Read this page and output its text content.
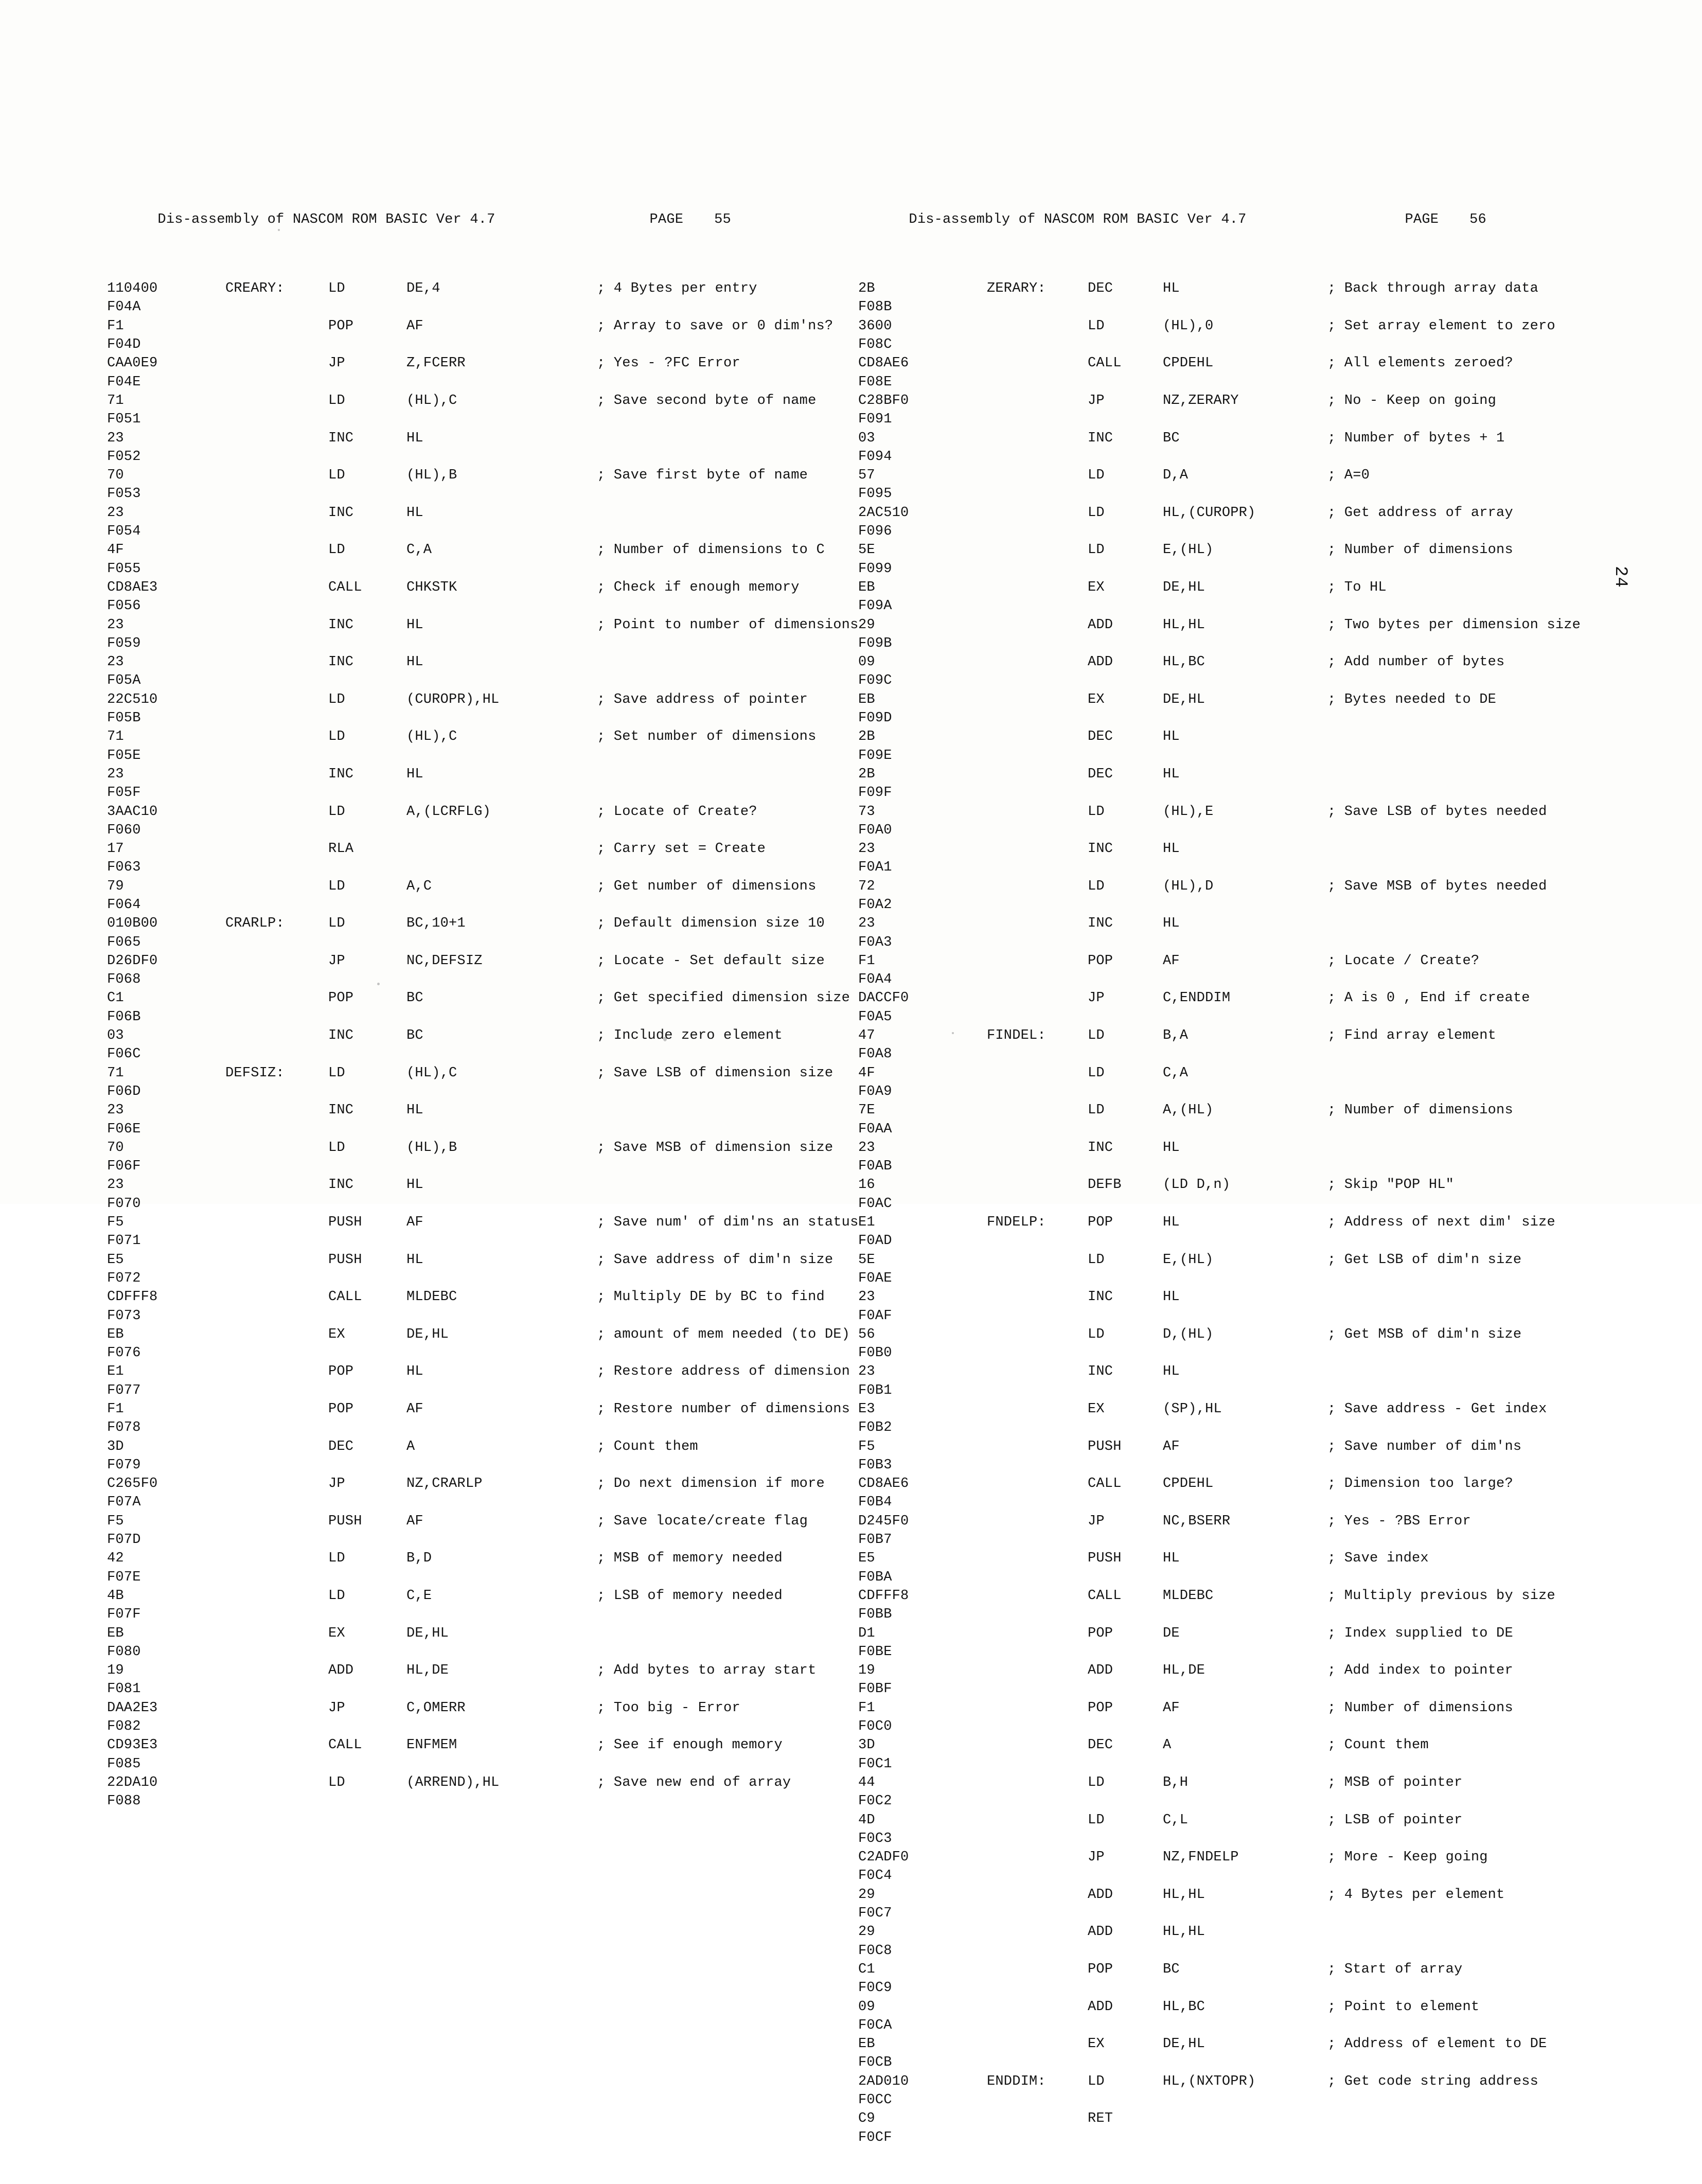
Dis-assembly of NASCOM ROM BASIC Ver 4.7	PAGE 55

110400	CREARY:	LD	DE,4	; 4 Bytes per entry
F04A
F1	POP	AF	; Array to save or 0 dim'ns?
F04D
CAA0E9	JP	Z,FCERR	; Yes - ?FC Error
F04E
71	LD	(HL),C	; Save second byte of name
F051
23	INC	HL
F052
70	LD	(HL),B	; Save first byte of name
F053
23	INC	HL
F054
4F	LD	C,A	; Number of dimensions to C
F055
CD8AE3	CALL	CHKSTK	; Check if enough memory
F056
23	INC	HL	; Point to number of dimensions
F059
23	INC	HL
F05A
22C510	LD	(CUROPR),HL	; Save address of pointer
F05B
71	LD	(HL),C	; Set number of dimensions
F05E
23	INC	HL
F05F
3AAC10	LD	A,(LCRFLG)	; Locate of Create?
F060
17	RLA	; Carry set = Create
F063
79	LD	A,C	; Get number of dimensions
F064
010B00	CRARLP:	LD	BC,10+1	; Default dimension size 10
F065
D26DF0	JP	NC,DEFSIZ	; Locate - Set default size
F068
C1	POP	BC	; Get specified dimension size
F06B
03	INC	BC	; Include zero element
F06C
71	DEFSIZ:	LD	(HL),C	; Save LSB of dimension size
F06D
23	INC	HL
F06E
70	LD	(HL),B	; Save MSB of dimension size
F06F
23	INC	HL
F070
F5	PUSH	AF	; Save num' of dim'ns an status
F071
E5	PUSH	HL	; Save address of dim'n size
F072
CDFFF8	CALL	MLDEBC	; Multiply DE by BC to find
F073
EB	EX	DE,HL	; amount of mem needed (to DE)
F076
E1	POP	HL	; Restore address of dimension
F077
F1	POP	AF	; Restore number of dimensions
F078
3D	DEC	A	; Count them
F079
C265F0	JP	NZ,CRARLP	; Do next dimension if more
F07A
F5	PUSH	AF	; Save locate/create flag
F07D
42	LD	B,D	; MSB of memory needed
F07E
4B	LD	C,E	; LSB of memory needed
F07F
EB	EX	DE,HL
F080
19	ADD	HL,DE	; Add bytes to array start
F081
DAA2E3	JP	C,OMERR	; Too big - Error
F082
CD93E3	CALL	ENFMEM	; See if enough memory
F085
22DA10	LD	(ARREND),HL	; Save new end of array
F088

Dis-assembly of NASCOM ROM BASIC Ver 4.7	PAGE 56

2B	ZERARY:	DEC	HL	; Back through array data
F08B
3600	LD	(HL),0	; Set array element to zero
F08C
CD8AE6	CALL	CPDEHL	; All elements zeroed?
F08E
C28BF0	JP	NZ,ZERARY	; No - Keep on going
F091
03	INC	BC	; Number of bytes + 1
F094
57	LD	D,A	; A=0
F095
2AC510	LD	HL,(CUROPR)	; Get address of array
F096
5E	LD	E,(HL)	; Number of dimensions
F099
EB	EX	DE,HL	; To HL
F09A
29	ADD	HL,HL	; Two bytes per dimension size
F09B
09	ADD	HL,BC	; Add number of bytes
F09C
EB	EX	DE,HL	; Bytes needed to DE
F09D
2B	DEC	HL
F09E
2B	DEC	HL
F09F
73	LD	(HL),E	; Save LSB of bytes needed
F0A0
23	INC	HL
F0A1
72	LD	(HL),D	; Save MSB of bytes needed
F0A2
23	INC	HL
F0A3
F1	POP	AF	; Locate / Create?
F0A4
DACCF0	JP	C,ENDDIM	; A is 0 , End if create
F0A5
47	FINDEL:	LD	B,A	; Find array element
F0A8
4F	LD	C,A
F0A9
7E	LD	A,(HL)	; Number of dimensions
F0AA
23	INC	HL
F0AB
16	DEFB	(LD D,n)	; Skip "POP HL"
F0AC
E1	FNDELP:	POP	HL	; Address of next dim' size
F0AD
5E	LD	E,(HL)	; Get LSB of dim'n size
F0AE
23	INC	HL
F0AF
56	LD	D,(HL)	; Get MSB of dim'n size
F0B0
23	INC	HL
F0B1
E3	EX	(SP),HL	; Save address - Get index
F0B2
F5	PUSH	AF	; Save number of dim'ns
F0B3
CD8AE6	CALL	CPDEHL	; Dimension too large?
F0B4
D245F0	JP	NC,BSERR	; Yes - ?BS Error
F0B7
E5	PUSH	HL	; Save index
F0BA
CDFFF8	CALL	MLDEBC	; Multiply previous by size
F0BB
D1	POP	DE	; Index supplied to DE
F0BE
19	ADD	HL,DE	; Add index to pointer
F0BF
F1	POP	AF	; Number of dimensions
F0C0
3D	DEC	A	; Count them
F0C1
44	LD	B,H	; MSB of pointer
F0C2
4D	LD	C,L	; LSB of pointer
F0C3
C2ADF0	JP	NZ,FNDELP	; More - Keep going
F0C4
29	ADD	HL,HL	; 4 Bytes per element
F0C7
29	ADD	HL,HL
F0C8
C1	POP	BC	; Start of array
F0C9
09	ADD	HL,BC	; Point to element
F0CA
EB	EX	DE,HL	; Address of element to DE
F0CB
2AD010	ENDDIM:	LD	HL,(NXTOPR)	; Get code string address
F0CC
C9	RET
F0CF

24
